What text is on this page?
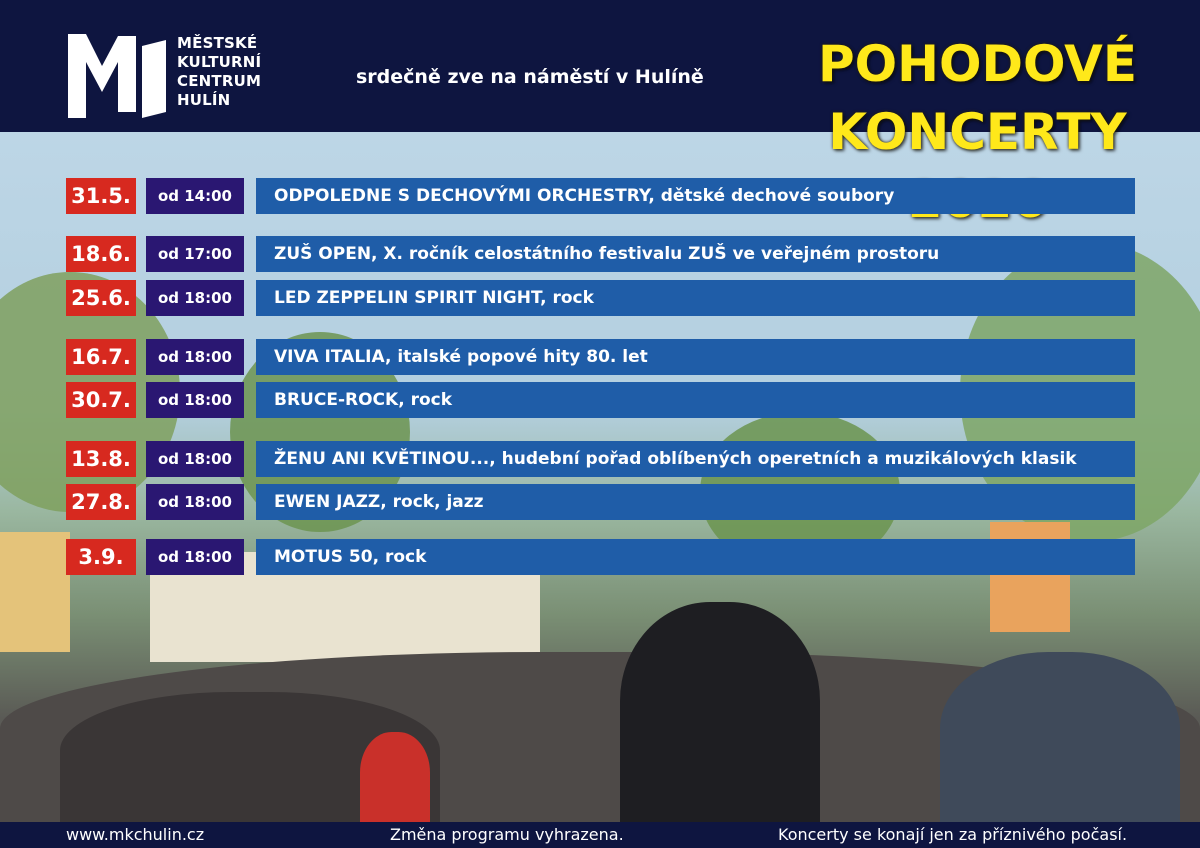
MĚSTSKÉ
KULTURNÍ
CENTRUM
HULÍN
srdečně zve na náměstí v Hulíně POHODOVÉ
KONCERTY
31.5.	od 14:00	ODPOLEDNE S DECHOVÝMI ORCHESTRY, dětské dechové soubory
18.6.	od 17:00	ZUŠ OPEN, X. ročník celostátního festivalu ZUŠ ve veřejném prostoru
25.6.	od 18:00	LED ZEPPELIN SPIRIT NIGHT, rock
16.7.	od 18:00	VIVA ITALIA, italské popové hity 80. let
30.7.	od 18:00	BRUCE-ROCK, rock
13.8.	od 18:00	ŽENU ANI KVĚTINOU..., hudební pořad oblíbených operetních a muzikálových klasik
27.8.	od 18:00	EWEN JAZZ, rock, jazz
3.9.	od 18:00	MOTUS 50, rock
www.mkchulin.cz	Změna programu vyhrazena.	Koncerty se konají jen za příznivého počasí.
